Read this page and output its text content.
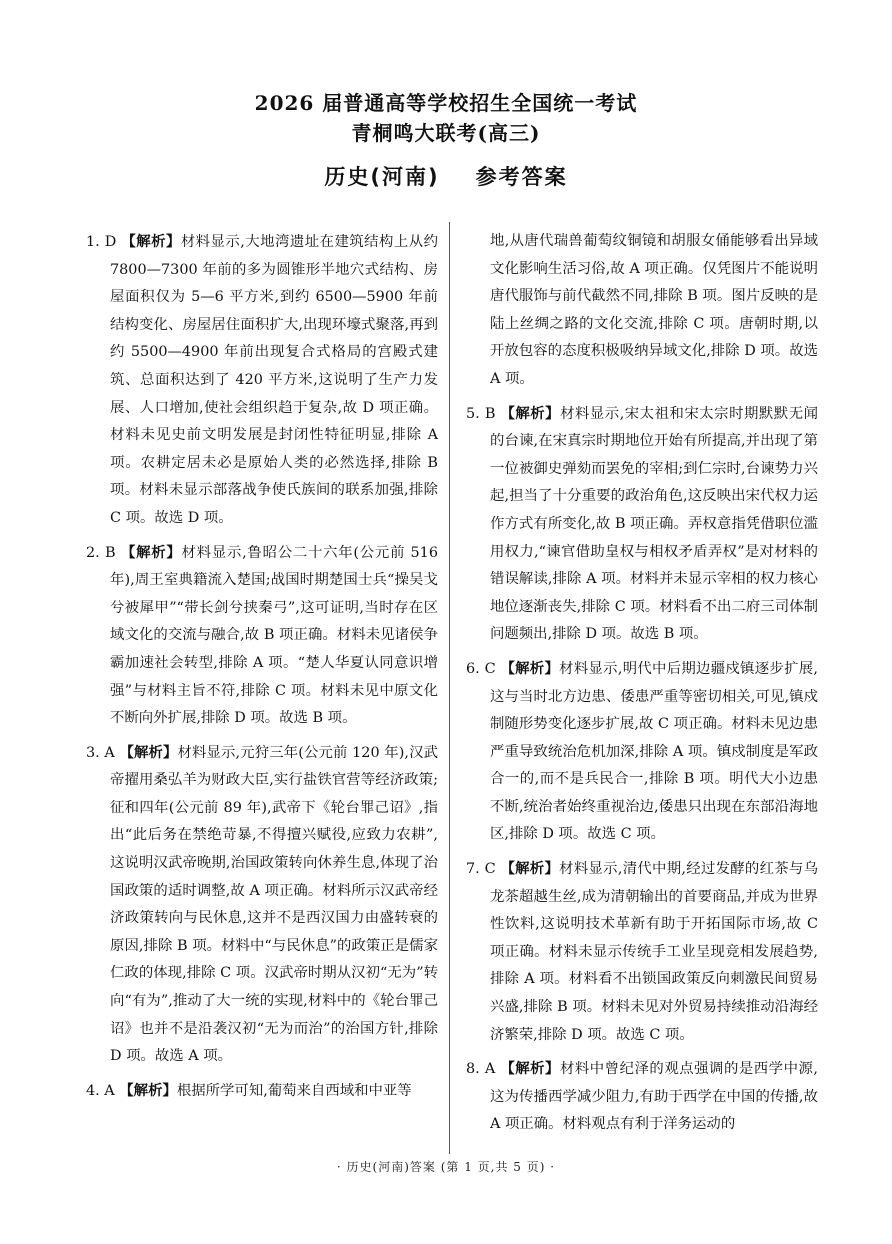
2026 届普通高等学校招生全国统一考试
青桐鸣大联考(高三)
历史(河南) 参考答案

1. D 【解析】材料显示,大地湾遗址在建筑结构上从约 7800—7300 年前的多为圆锥形半地穴式结构、房屋面积仅为 5—6 平方米,到约 6500—5900 年前结构变化、房屋居住面积扩大,出现环壕式聚落,再到约 5500—4900 年前出现复合式格局的宫殿式建筑、总面积达到了 420 平方米,这说明了生产力发展、人口增加,使社会组织趋于复杂,故 D 项正确。材料未见史前文明发展是封闭性特征明显,排除 A 项。农耕定居未必是原始人类的必然选择,排除 B 项。材料未显示部落战争使氏族间的联系加强,排除 C 项。故选 D 项。

2. B 【解析】材料显示,鲁昭公二十六年(公元前 516 年),周王室典籍流入楚国;战国时期楚国士兵“操吴戈兮被犀甲”“带长剑兮挟秦弓”,这可证明,当时存在区域文化的交流与融合,故 B 项正确。材料未见诸侯争霸加速社会转型,排除 A 项。“楚人华夏认同意识增强”与材料主旨不符,排除 C 项。材料未见中原文化不断向外扩展,排除 D 项。故选 B 项。

3. A 【解析】材料显示,元狩三年(公元前 120 年),汉武帝擢用桑弘羊为财政大臣,实行盐铁官营等经济政策;征和四年(公元前 89 年),武帝下《轮台罪己诏》,指出“此后务在禁绝苛暴,不得擅兴赋役,应致力农耕”,这说明汉武帝晚期,治国政策转向休养生息,体现了治国政策的适时调整,故 A 项正确。材料所示汉武帝经济政策转向与民休息,这并不是西汉国力由盛转衰的原因,排除 B 项。材料中“与民休息”的政策正是儒家仁政的体现,排除 C 项。汉武帝时期从汉初“无为”转向“有为”,推动了大一统的实现,材料中的《轮台罪己诏》也并不是沿袭汉初“无为而治”的治国方针,排除 D 项。故选 A 项。

4. A 【解析】根据所学可知,葡萄来自西域和中亚等

地,从唐代瑞兽葡萄纹铜镜和胡服女俑能够看出异域文化影响生活习俗,故 A 项正确。仅凭图片不能说明唐代服饰与前代截然不同,排除 B 项。图片反映的是陆上丝绸之路的文化交流,排除 C 项。唐朝时期,以开放包容的态度积极吸纳异域文化,排除 D 项。故选 A 项。

5. B 【解析】材料显示,宋太祖和宋太宗时期默默无闻的台谏,在宋真宗时期地位开始有所提高,并出现了第一位被御史弹劾而罢免的宰相;到仁宗时,台谏势力兴起,担当了十分重要的政治角色,这反映出宋代权力运作方式有所变化,故 B 项正确。弄权意指凭借职位滥用权力,“谏官借助皇权与相权矛盾弄权”是对材料的错误解读,排除 A 项。材料并未显示宰相的权力核心地位逐渐丧失,排除 C 项。材料看不出二府三司体制问题频出,排除 D 项。故选 B 项。

6. C 【解析】材料显示,明代中后期边疆戍镇逐步扩展,这与当时北方边患、倭患严重等密切相关,可见,镇戍制随形势变化逐步扩展,故 C 项正确。材料未见边患严重导致统治危机加深,排除 A 项。镇戍制度是军政合一的,而不是兵民合一,排除 B 项。明代大小边患不断,统治者始终重视治边,倭患只出现在东部沿海地区,排除 D 项。故选 C 项。

7. C 【解析】材料显示,清代中期,经过发酵的红茶与乌龙茶超越生丝,成为清朝输出的首要商品,并成为世界性饮料,这说明技术革新有助于开拓国际市场,故 C 项正确。材料未显示传统手工业呈现竞相发展趋势,排除 A 项。材料看不出锁国政策反向刺激民间贸易兴盛,排除 B 项。材料未见对外贸易持续推动沿海经济繁荣,排除 D 项。故选 C 项。

8. A 【解析】材料中曾纪泽的观点强调的是西学中源,这为传播西学减少阻力,有助于西学在中国的传播,故 A 项正确。材料观点有利于洋务运动的

· 历史(河南)答案 (第 1 页,共 5 页) ·
